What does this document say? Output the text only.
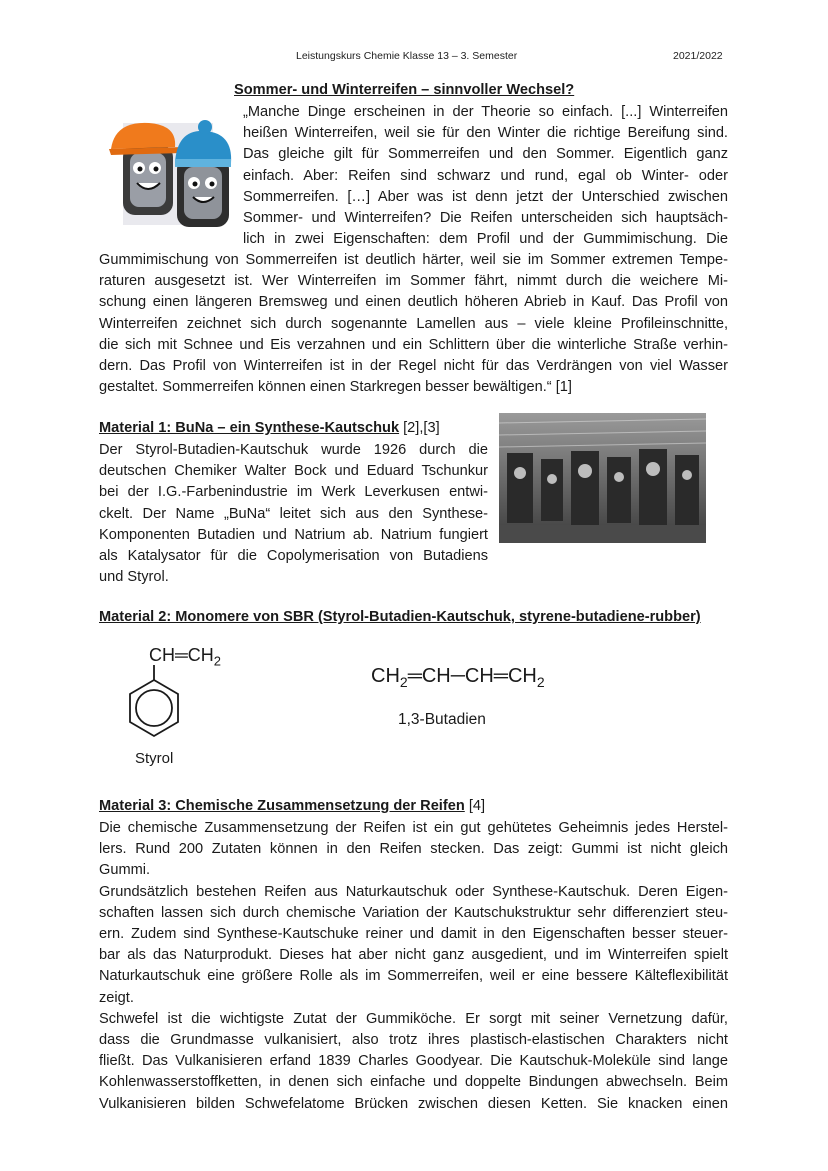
Leistungskurs Chemie Klasse 13 – 3. Semester	2021/2022
Sommer- und Winterreifen – sinnvoller Wechsel?
„Manche Dinge erscheinen in der Theorie so einfach. [...] Winterreifen
heißen Winterreifen, weil sie für den Winter die richtige Bereifung sind.
Das gleiche gilt für Sommerreifen und den Sommer. Eigentlich ganz
einfach. Aber: Reifen sind schwarz und rund, egal ob Winter- oder
Sommerreifen. […] Aber was ist denn jetzt der Unterschied zwischen
Sommer- und Winterreifen? Die Reifen unterscheiden sich hauptsäch-
lich in zwei Eigenschaften: dem Profil und der Gummimischung. Die
Gummimischung von Sommerreifen ist deutlich härter, weil sie im Sommer extremen Tempe-
raturen ausgesetzt ist. Wer Winterreifen im Sommer fährt, nimmt durch die weichere Mi-
schung einen längeren Bremsweg und einen deutlich höheren Abrieb in Kauf. Das Profil von
Winterreifen zeichnet sich durch sogenannte Lamellen aus – viele kleine Profileinschnitte,
die sich mit Schnee und Eis verzahnen und ein Schlittern über die winterliche Straße verhin-
dern. Das Profil von Winterreifen ist in der Regel nicht für das Verdrängen von viel Wasser
gestaltet. Sommerreifen können einen Starkregen besser bewältigen.“ [1]
Material 1: BuNa – ein Synthese-Kautschuk [2],[3]
Der Styrol-Butadien-Kautschuk wurde 1926 durch die
deutschen Chemiker Walter Bock und Eduard Tschunkur
bei der I.G.-Farbenindustrie im Werk Leverkusen entwi-
ckelt. Der Name „BuNa“ leitet sich aus den Synthese-
Komponenten Butadien und Natrium ab. Natrium fungiert
als Katalysator für die Copolymerisation von Butadiens
und Styrol.
Material 2: Monomere von SBR (Styrol-Butadien-Kautschuk, styrene-butadiene-rubber)
$CH═CH_2$
Styrol
$CH_2═CH─CH═CH_2$
1,3-Butadien
Material 3: Chemische Zusammensetzung der Reifen [4]
Die chemische Zusammensetzung der Reifen ist ein gut gehütetes Geheimnis jedes Herstel-
lers. Rund 200 Zutaten können in den Reifen stecken. Das zeigt: Gummi ist nicht gleich
Gummi.
Grundsätzlich bestehen Reifen aus Naturkautschuk oder Synthese-Kautschuk. Deren Eigen-
schaften lassen sich durch chemische Variation der Kautschukstruktur sehr differenziert steu-
ern. Zudem sind Synthese-Kautschuke reiner und damit in den Eigenschaften besser steuer-
bar als das Naturprodukt. Dieses hat aber nicht ganz ausgedient, und im Winterreifen spielt
Naturkautschuk eine größere Rolle als im Sommerreifen, weil er eine bessere Kälteflexibilität
zeigt.
Schwefel ist die wichtigste Zutat der Gummiköche. Er sorgt mit seiner Vernetzung dafür,
dass die Grundmasse vulkanisiert, also trotz ihres plastisch-elastischen Charakters nicht
fließt. Das Vulkanisieren erfand 1839 Charles Goodyear. Die Kautschuk-Moleküle sind lange
Kohlenwasserstoffketten, in denen sich einfache und doppelte Bindungen abwechseln. Beim
Vulkanisieren bilden Schwefelatome Brücken zwischen diesen Ketten. Sie knacken einen
